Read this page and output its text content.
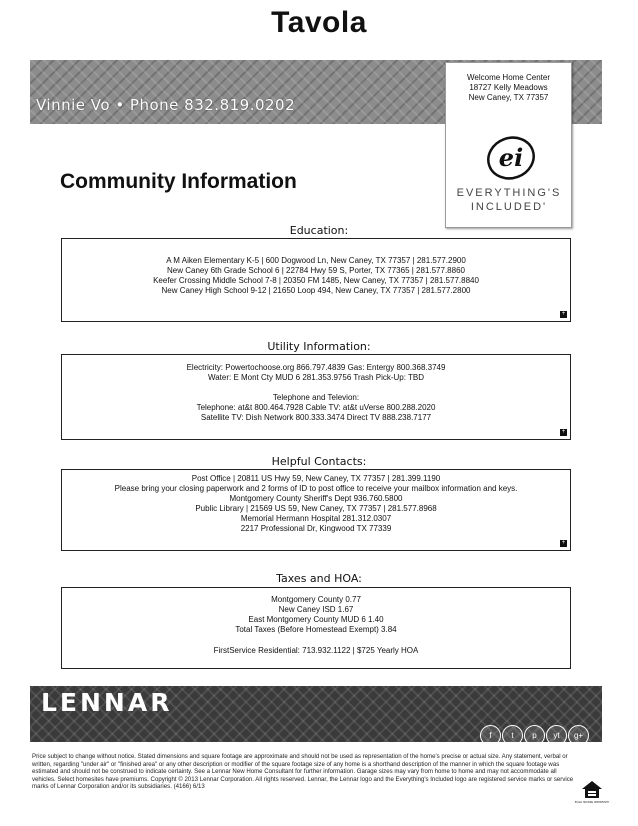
Tavola
Vinnie Vo • Phone 832.819.0202
Welcome Home Center
18727 Kelly Meadows
New Caney, TX 77357
ei
EVERYTHING'S
INCLUDED'
Community Information
Education:
A M Aiken Elementary K-5 | 600 Dogwood Ln, New Caney, TX 77357 | 281.577.2900
New Caney 6th Grade School 6 | 22784 Hwy 59 S, Porter, TX 77365 | 281.577.8860
Keefer Crossing Middle School 7-8 | 20350 FM 1485, New Caney, TX 77357 | 281.577.8840
New Caney High School 9-12 | 21650 Loop 494, New Caney, TX 77357 | 281.577.2800
+
Utility Information:
Electricity: Powertochoose.org 866.797.4839 Gas: Entergy 800.368.3749
Water: E Mont Cty MUD 6 281.353.9756 Trash Pick-Up: TBD
Telephone and Televion:
Telephone: at&t 800.464.7928 Cable TV: at&t uVerse 800.288.2020
Satellite TV: Dish Network 800.333.3474 Direct TV 888.238.7177
+
Helpful Contacts:
Post Office | 20811 US Hwy 59, New Caney, TX 77357 | 281.399.1190
Please bring your closing paperwork and 2 forms of ID to post office to receive your mailbox information and keys.
Montgomery County Sheriff's Dept 936.760.5800
Public Library | 21569 US 59, New Caney, TX 77357 | 281.577.8968
Memorial Hermann Hospital 281.312.0307
2217 Professional Dr, Kingwood TX 77339
+
Taxes and HOA:
Montgomery County 0.77
New Caney ISD 1.67
East Montgomery County MUD 6 1.40
Total Taxes (Before Homestead Exempt) 3.84
FirstService Residential: 713.932.1122 | $725 Yearly HOA
LENNAR
f	t	p	yt	g+
Price subject to change without notice. Stated dimensions and square footage are approximate and should not be used as representation of the home's precise or actual size. Any statement, verbal or written, regarding "under air" or "finished area" or any other description or modifier of the square footage size of any home is a shorthand description of the manner in which the square footage was estimated and should not be construed to indicate certainty. See a Lennar New Home Consultant for further information. Garage sizes may vary from home to home and may not accommodate all vehicles. Select homesites have premiums. Copyright © 2013 Lennar Corporation. All rights reserved. Lennar, the Lennar logo and the Everything's Included logo are registered service marks or service marks of Lennar Corporation and/or its subsidiaries. (4166) 6/13
EQUAL HOUSING OPPORTUNITY
